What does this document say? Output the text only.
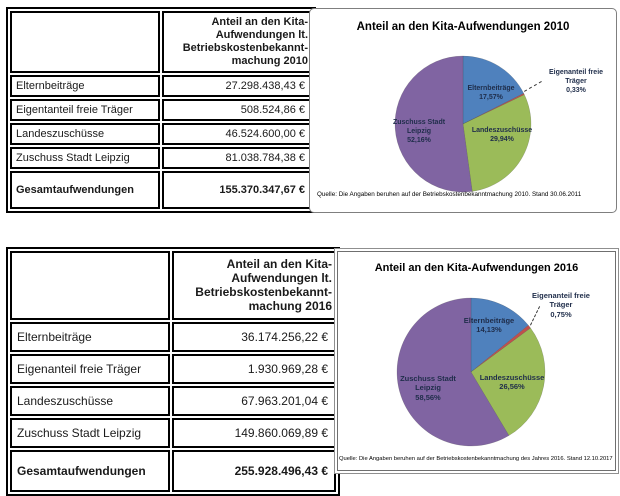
	Anteil an den Kita-Aufwendungen lt. Betriebskostenbekannt-machung 2010
Elternbeiträge	27.298.438,43 €
Eigentanteil freie Träger	508.524,86 €
Landeszuschüsse	46.524.600,00 €
Zuschuss Stadt Leipzig	81.038.784,38 €
Gesamtaufwendungen	155.370.347,67 €
Anteil an den Kita-Aufwendungen 2010
Elternbeiträge
17,57%
Landeszuschüsse
29,94%
Zuschuss Stadt Leipzig
52,16%
Eigenanteil freie Träger
0,33%
Quelle: Die Angaben beruhen auf der Betriebskostenbekanntmachung 2010. Stand 30.06.2011
	Anteil an den Kita-Aufwendungen lt. Betriebskostenbekannt-machung 2016
Elternbeiträge	36.174.256,22 €
Eigenanteil freie Träger	1.930.969,28 €
Landeszuschüsse	67.963.201,04 €
Zuschuss Stadt Leipzig	149.860.069,89 €
Gesamtaufwendungen	255.928.496,43 €
Anteil an den Kita-Aufwendungen 2016
Elternbeiträge
14,13%
Landeszuschüsse
26,56%
Zuschuss Stadt Leipzig
58,56%
Eigenanteil freie Träger
0,75%
Quelle: Die Angaben beruhen auf der Betriebskostenbekanntmachung des Jahres 2016. Stand 12.10.2017
